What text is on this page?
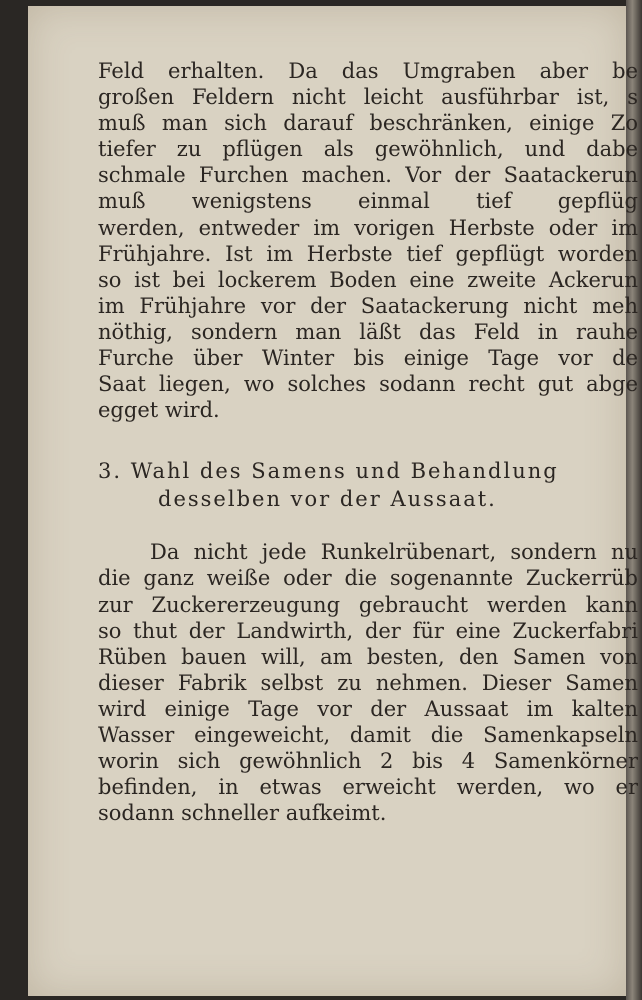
Feld erhalten. Da das Umgraben aber be
großen Feldern nicht leicht ausführbar ist, s
muß man sich darauf beschränken, einige Zo
tiefer zu pflügen als gewöhnlich, und dabe
schmale Furchen machen. Vor der Saatackerun
muß wenigstens einmal tief gepflüg
werden, entweder im vorigen Herbste oder im
Frühjahre. Ist im Herbste tief gepflügt worden
so ist bei lockerem Boden eine zweite Ackerun
im Frühjahre vor der Saatackerung nicht meh
nöthig, sondern man läßt das Feld in rauhe
Furche über Winter bis einige Tage vor de
Saat liegen, wo solches sodann recht gut abge
egget wird.
3. Wahl des Samens und Behandlung
desselben vor der Aussaat.
Da nicht jede Runkelrübenart, sondern nu
die ganz weiße oder die sogenannte Zuckerrüb
zur Zuckererzeugung gebraucht werden kann
so thut der Landwirth, der für eine Zuckerfabri
Rüben bauen will, am besten, den Samen von
dieser Fabrik selbst zu nehmen. Dieser Samen
wird einige Tage vor der Aussaat im kalten
Wasser eingeweicht, damit die Samenkapseln
worin sich gewöhnlich 2 bis 4 Samenkörner
befinden, in etwas erweicht werden, wo er
sodann schneller aufkeimt.
